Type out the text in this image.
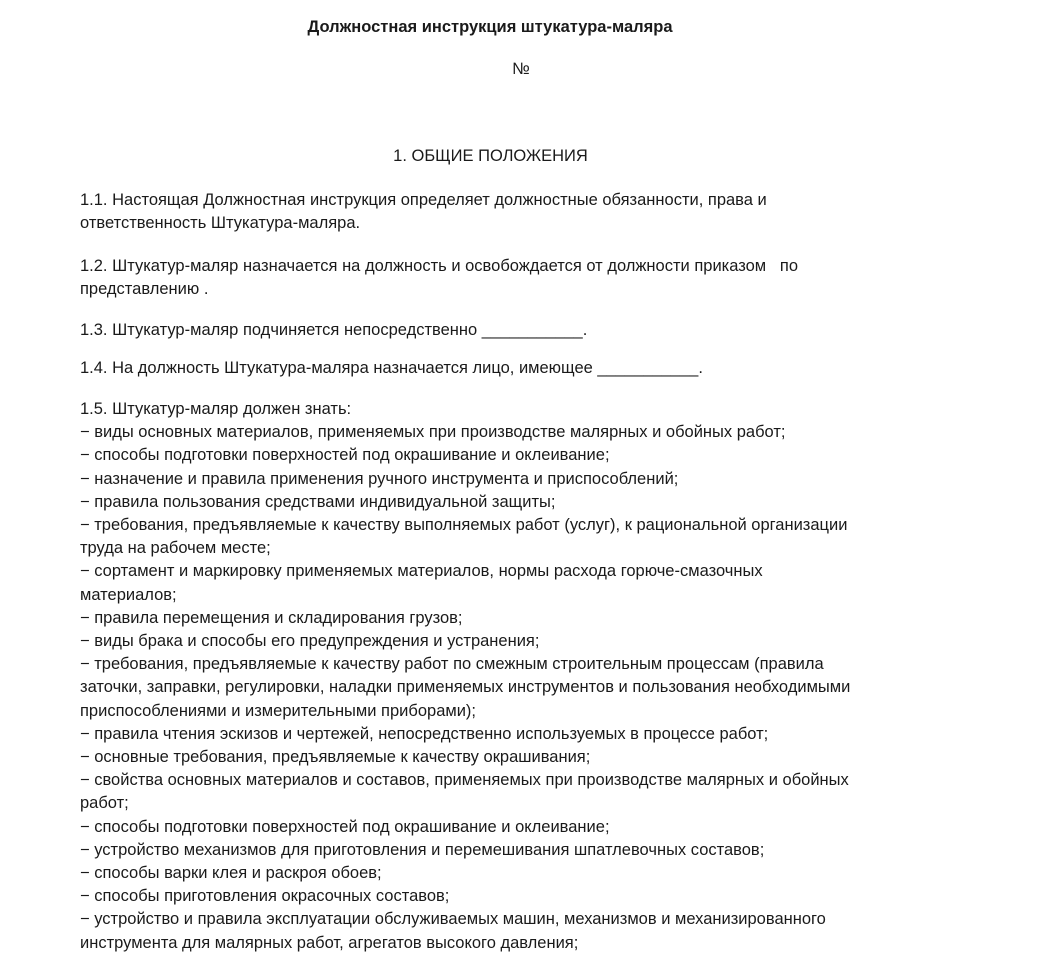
Должностная инструкция штукатура-маляра
№
1. ОБЩИЕ ПОЛОЖЕНИЯ
1.1. Настоящая Должностная инструкция определяет должностные обязанности, права и
ответственность Штукатура-маляра.
1.2. Штукатур-маляр назначается на должность и освобождается от должности приказом   по
представлению .
1.3. Штукатур-маляр подчиняется непосредственно ___________.
1.4. На должность Штукатура-маляра назначается лицо, имеющее ___________.
1.5. Штукатур-маляр должен знать:
− виды основных материалов, применяемых при производстве малярных и обойных работ;
− способы подготовки поверхностей под окрашивание и оклеивание;
− назначение и правила применения ручного инструмента и приспособлений;
− правила пользования средствами индивидуальной защиты;
− требования, предъявляемые к качеству выполняемых работ (услуг), к рациональной организации
труда на рабочем месте;
− сортамент и маркировку применяемых материалов, нормы расхода горюче-смазочных
материалов;
− правила перемещения и складирования грузов;
− виды брака и способы его предупреждения и устранения;
− требования, предъявляемые к качеству работ по смежным строительным процессам (правила
заточки, заправки, регулировки, наладки применяемых инструментов и пользования необходимыми
приспособлениями и измерительными приборами);
− правила чтения эскизов и чертежей, непосредственно используемых в процессе работ;
− основные требования, предъявляемые к качеству окрашивания;
− свойства основных материалов и составов, применяемых при производстве малярных и обойных
работ;
− способы подготовки поверхностей под окрашивание и оклеивание;
− устройство механизмов для приготовления и перемешивания шпатлевочных составов;
− способы варки клея и раскроя обоев;
− способы приготовления окрасочных составов;
− устройство и правила эксплуатации обслуживаемых машин, механизмов и механизированного
инструмента для малярных работ, агрегатов высокого давления;
